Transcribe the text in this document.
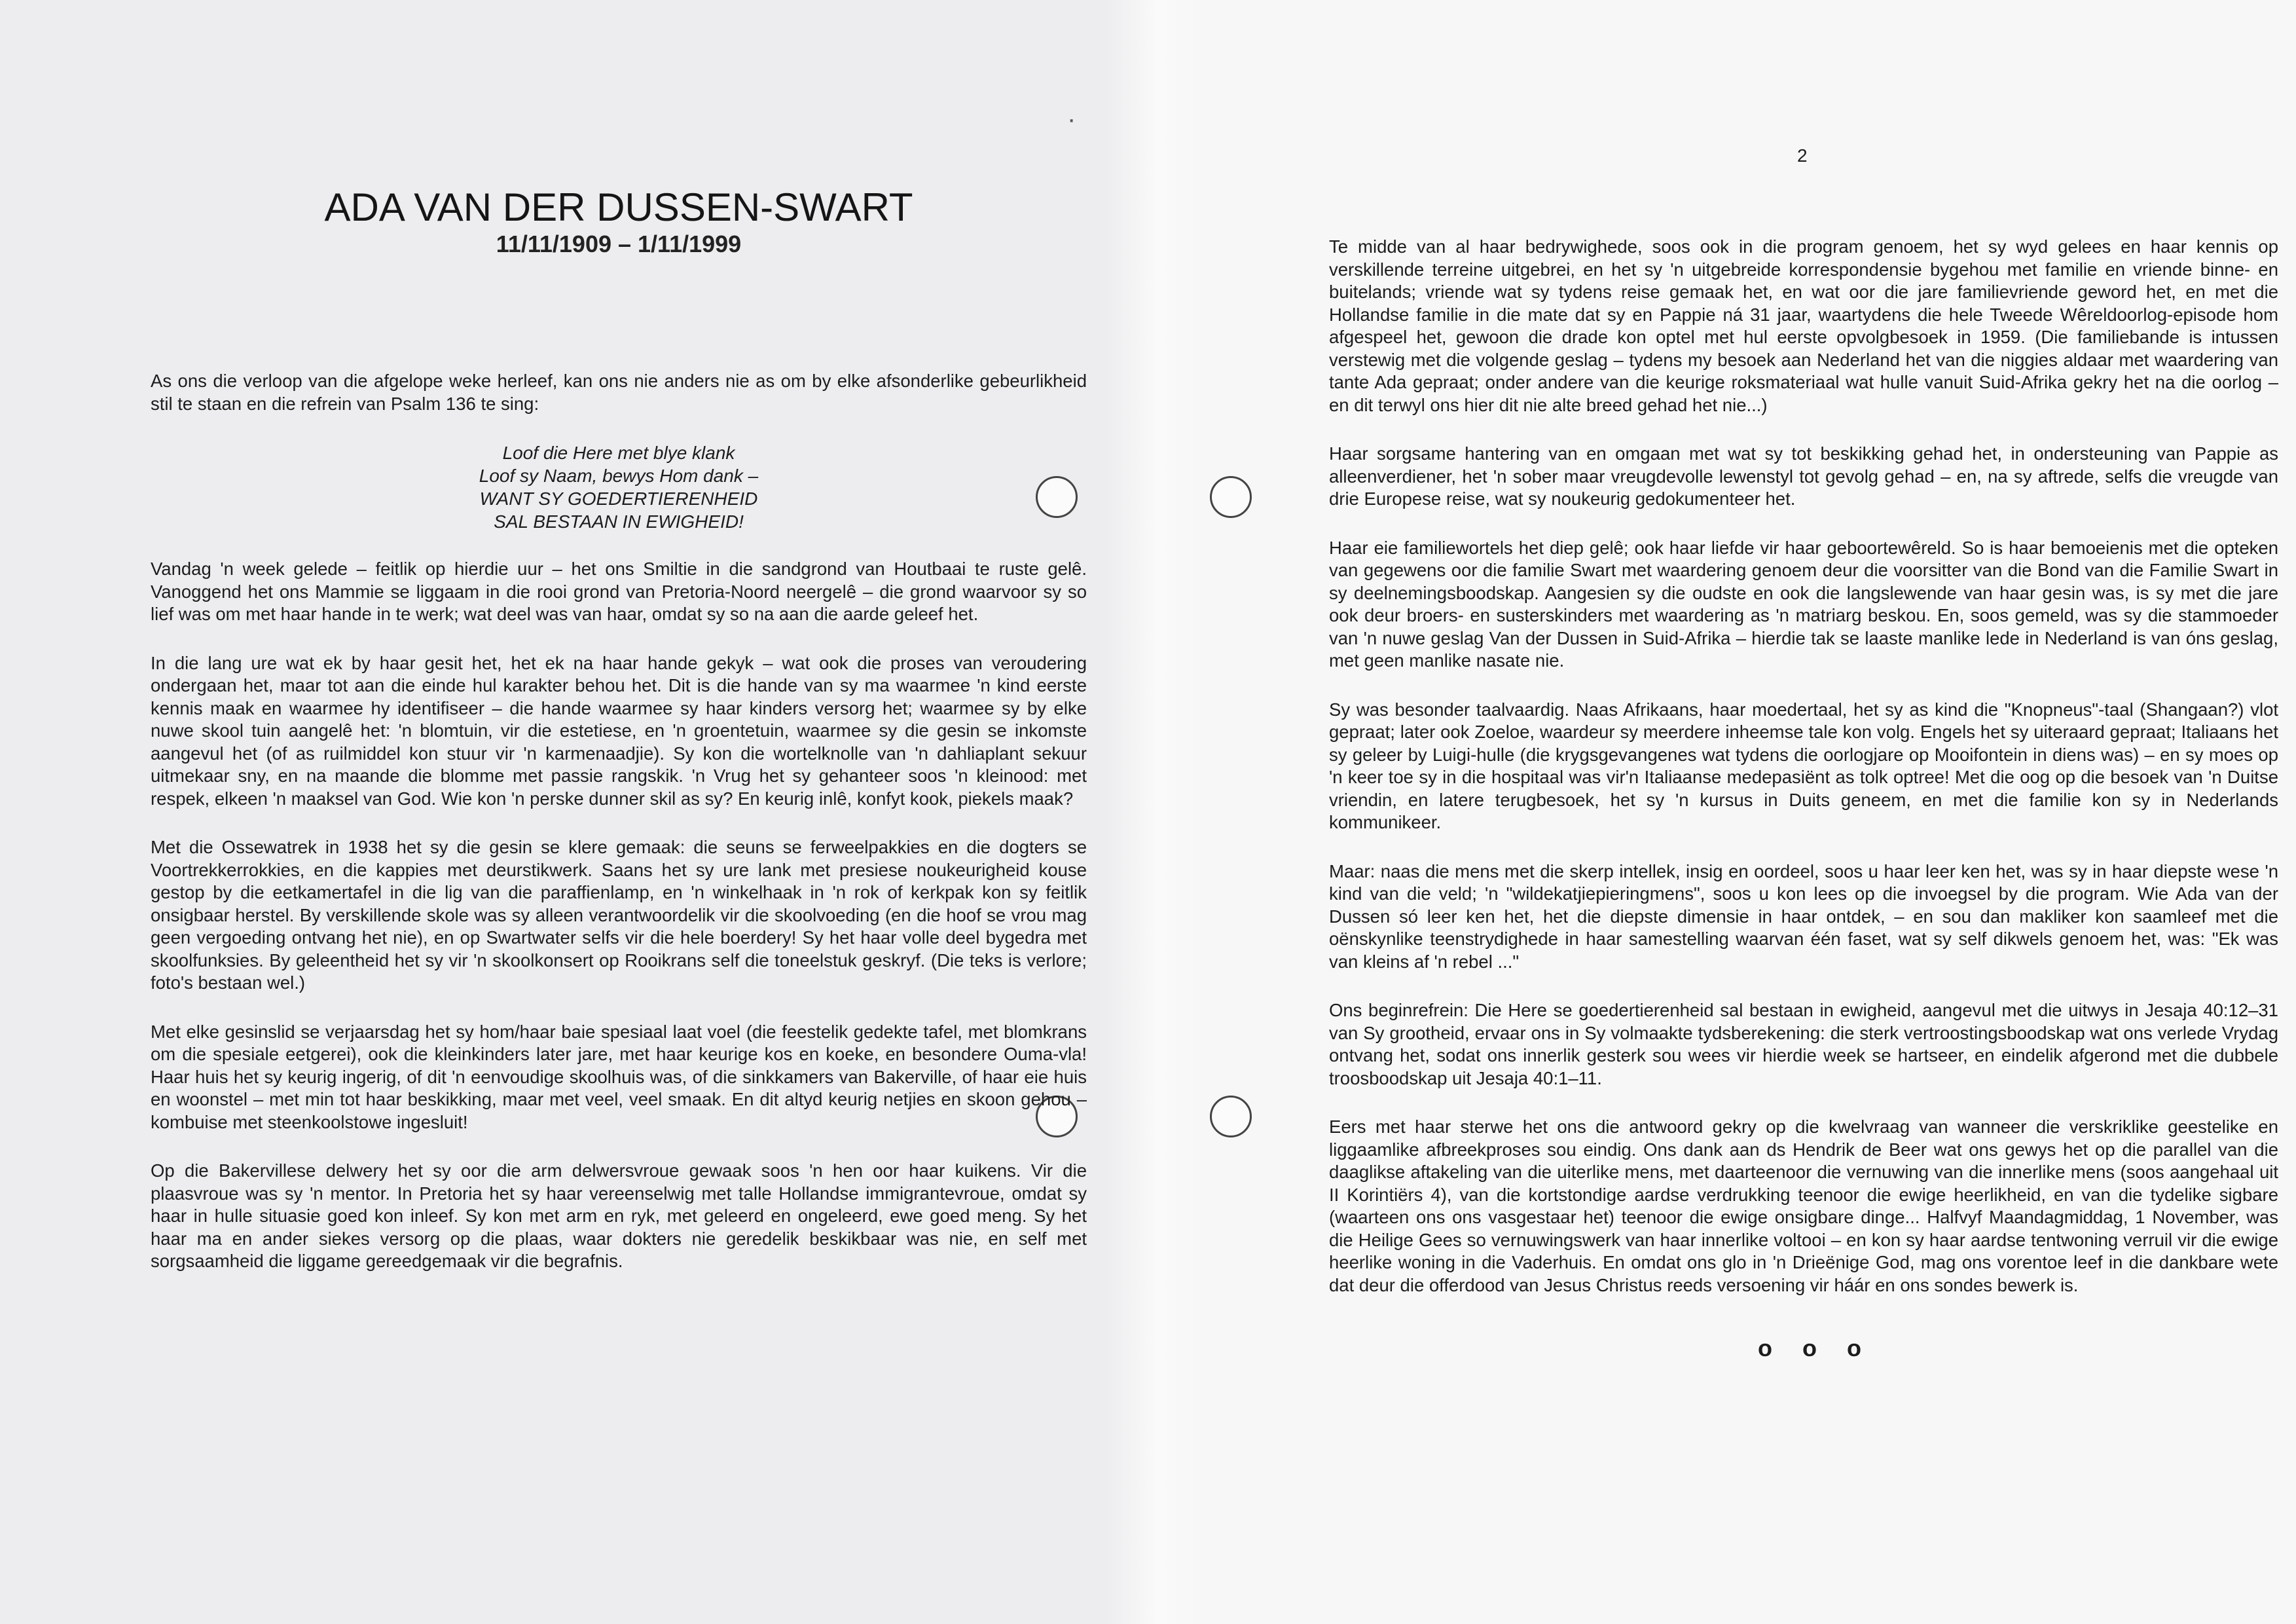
·
ADA VAN DER DUSSEN-SWART
11/11/1909 – 1/11/1999

As ons die verloop van die afgelope weke herleef, kan ons nie anders nie as om by elke afsonderlike gebeurlikheid stil te staan en die refrein van Psalm 136 te sing:

Loof die Here met blye klank
Loof sy Naam, bewys Hom dank –
WANT SY GOEDERTIERENHEID
SAL BESTAAN IN EWIGHEID!

Vandag 'n week gelede – feitlik op hierdie uur – het ons Smiltie in die sandgrond van Houtbaai te ruste gelê. Vanoggend het ons Mammie se liggaam in die rooi grond van Pretoria-Noord neergelê – die grond waarvoor sy so lief was om met haar hande in te werk; wat deel was van haar, omdat sy so na aan die aarde geleef het.

In die lang ure wat ek by haar gesit het, het ek na haar hande gekyk – wat ook die proses van veroudering ondergaan het, maar tot aan die einde hul karakter behou het. Dit is die hande van sy ma waarmee 'n kind eerste kennis maak en waarmee hy identifiseer – die hande waarmee sy haar kinders versorg het; waarmee sy by elke nuwe skool tuin aangelê het: 'n blomtuin, vir die estetiese, en 'n groentetuin, waarmee sy die gesin se inkomste aangevul het (of as ruilmiddel kon stuur vir 'n karmenaadjie). Sy kon die wortelknolle van 'n dahliaplant sekuur uitmekaar sny, en na maande die blomme met passie rangskik. 'n Vrug het sy gehanteer soos 'n kleinood: met respek, elkeen 'n maaksel van God. Wie kon 'n perske dunner skil as sy? En keurig inlê, konfyt kook, piekels maak?

Met die Ossewatrek in 1938 het sy die gesin se klere gemaak: die seuns se ferweelpakkies en die dogters se Voortrekkerrokkies, en die kappies met deurstikwerk. Saans het sy ure lank met presiese noukeurigheid kouse gestop by die eetkamertafel in die lig van die paraffienlamp, en 'n winkelhaak in 'n rok of kerkpak kon sy feitlik onsigbaar herstel. By verskillende skole was sy alleen verantwoordelik vir die skoolvoeding (en die hoof se vrou mag geen vergoeding ontvang het nie), en op Swartwater selfs vir die hele boerdery! Sy het haar volle deel bygedra met skoolfunksies. By geleentheid het sy vir 'n skoolkonsert op Rooikrans self die toneelstuk geskryf. (Die teks is verlore; foto's bestaan wel.)

Met elke gesinslid se verjaarsdag het sy hom/haar baie spesiaal laat voel (die feestelik gedekte tafel, met blomkrans om die spesiale eetgerei), ook die kleinkinders later jare, met haar keurige kos en koeke, en besondere Ouma-vla! Haar huis het sy keurig ingerig, of dit 'n eenvoudige skoolhuis was, of die sinkkamers van Bakerville, of haar eie huis en woonstel – met min tot haar beskikking, maar met veel, veel smaak. En dit altyd keurig netjies en skoon gehou – kombuise met steenkoolstowe ingesluit!

Op die Bakervillese delwery het sy oor die arm delwersvroue gewaak soos 'n hen oor haar kuikens. Vir die plaasvroue was sy 'n mentor. In Pretoria het sy haar vereenselwig met talle Hollandse immigrantevroue, omdat sy haar in hulle situasie goed kon inleef. Sy kon met arm en ryk, met geleerd en ongeleerd, ewe goed meng. Sy het haar ma en ander siekes versorg op die plaas, waar dokters nie geredelik beskikbaar was nie, en self met sorgsaamheid die liggame gereedgemaak vir die begrafnis.

2

Te midde van al haar bedrywighede, soos ook in die program genoem, het sy wyd gelees en haar kennis op verskillende terreine uitgebrei, en het sy 'n uitgebreide korrespondensie bygehou met familie en vriende binne- en buitelands; vriende wat sy tydens reise gemaak het, en wat oor die jare familievriende geword het, en met die Hollandse familie in die mate dat sy en Pappie ná 31 jaar, waartydens die hele Tweede Wêreldoorlog-episode hom afgespeel het, gewoon die drade kon optel met hul eerste opvolgbesoek in 1959. (Die familiebande is intussen verstewig met die volgende geslag – tydens my besoek aan Nederland het van die niggies aldaar met waardering van tante Ada gepraat; onder andere van die keurige roksmateriaal wat hulle vanuit Suid-Afrika gekry het na die oorlog – en dit terwyl ons hier dit nie alte breed gehad het nie...)

Haar sorgsame hantering van en omgaan met wat sy tot beskikking gehad het, in ondersteuning van Pappie as alleenverdiener, het 'n sober maar vreugdevolle lewenstyl tot gevolg gehad – en, na sy aftrede, selfs die vreugde van drie Europese reise, wat sy noukeurig gedokumenteer het.

Haar eie familiewortels het diep gelê; ook haar liefde vir haar geboortewêreld. So is haar bemoeienis met die opteken van gegewens oor die familie Swart met waardering genoem deur die voorsitter van die Bond van die Familie Swart in sy deelnemingsboodskap. Aangesien sy die oudste en ook die langslewende van haar gesin was, is sy met die jare ook deur broers- en susterskinders met waardering as 'n matriarg beskou. En, soos gemeld, was sy die stammoeder van 'n nuwe geslag Van der Dussen in Suid-Afrika – hierdie tak se laaste manlike lede in Nederland is van óns geslag, met geen manlike nasate nie.

Sy was besonder taalvaardig. Naas Afrikaans, haar moedertaal, het sy as kind die "Knopneus"-taal (Shangaan?) vlot gepraat; later ook Zoeloe, waardeur sy meerdere inheemse tale kon volg. Engels het sy uiteraard gepraat; Italiaans het sy geleer by Luigi-hulle (die krygsgevangenes wat tydens die oorlogjare op Mooifontein in diens was) – en sy moes op 'n keer toe sy in die hospitaal was vir'n Italiaanse medepasiënt as tolk optree! Met die oog op die besoek van 'n Duitse vriendin, en latere terugbesoek, het sy 'n kursus in Duits geneem, en met die familie kon sy in Nederlands kommunikeer.

Maar: naas die mens met die skerp intellek, insig en oordeel, soos u haar leer ken het, was sy in haar diepste wese 'n kind van die veld; 'n "wildekatjiepieringmens", soos u kon lees op die invoegsel by die program. Wie Ada van der Dussen só leer ken het, het die diepste dimensie in haar ontdek, – en sou dan makliker kon saamleef met die oënskynlike teenstrydighede in haar samestelling waarvan één faset, wat sy self dikwels genoem het, was: "Ek was van kleins af 'n rebel ..."

Ons beginrefrein: Die Here se goedertierenheid sal bestaan in ewigheid, aangevul met die uitwys in Jesaja 40:12–31 van Sy grootheid, ervaar ons in Sy volmaakte tydsberekening: die sterk vertroostingsboodskap wat ons verlede Vrydag ontvang het, sodat ons innerlik gesterk sou wees vir hierdie week se hartseer, en eindelik afgerond met die dubbele troosboodskap uit Jesaja 40:1–11.

Eers met haar sterwe het ons die antwoord gekry op die kwelvraag van wanneer die verskriklike geestelike en liggaamlike afbreekproses sou eindig. Ons dank aan ds Hendrik de Beer wat ons gewys het op die parallel van die daaglikse aftakeling van die uiterlike mens, met daarteenoor die vernuwing van die innerlike mens (soos aangehaal uit II Korintiërs 4), van die kortstondige aardse verdrukking teenoor die ewige heerlikheid, en van die tydelike sigbare (waarteen ons ons vasgestaar het) teenoor die ewige onsigbare dinge... Halfvyf Maandagmiddag, 1 November, was die Heilige Gees so vernuwingswerk van haar innerlike voltooi – en kon sy haar aardse tentwoning verruil vir die ewige heerlike woning in die Vaderhuis. En omdat ons glo in 'n Drieënige God, mag ons vorentoe leef in die dankbare wete dat deur die offerdood van Jesus Christus reeds versoening vir háár en ons sondes bewerk is.

o o o
